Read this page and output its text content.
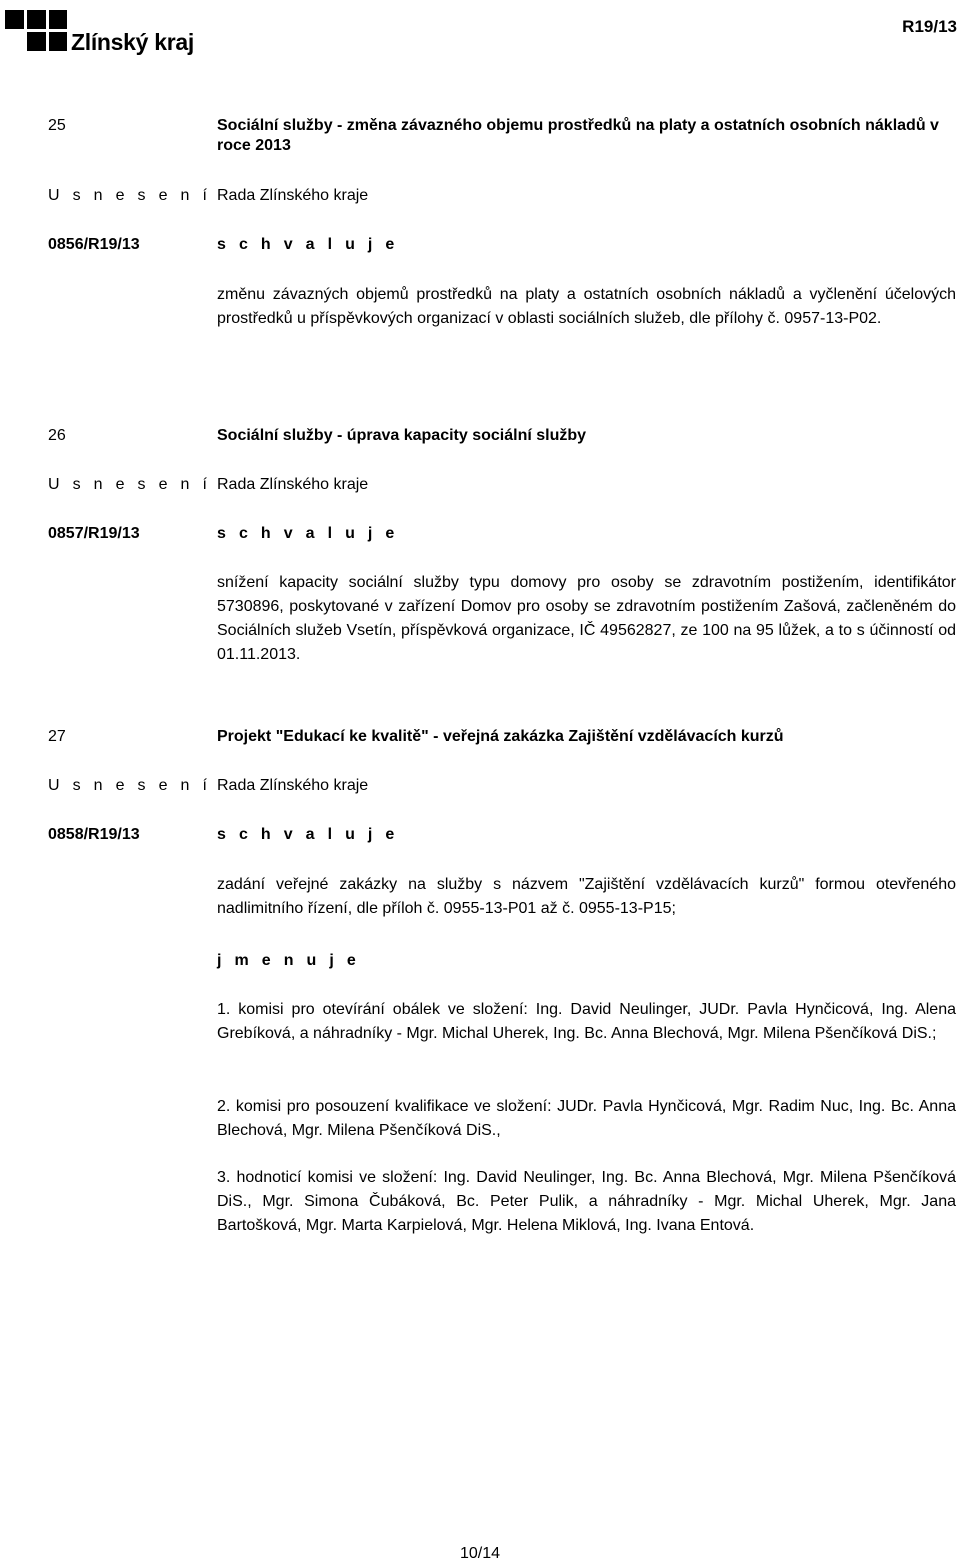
Zlínský kraj
R19/13
25	Sociální služby - změna závazného objemu prostředků na platy a ostatních osobních nákladů v roce 2013
U s n e s e n í Rada Zlínského kraje
0856/R19/13	s c h v a l u j e
změnu závazných objemů prostředků na platy a ostatních osobních nákladů a vyčlenění účelových prostředků u příspěvkových organizací v oblasti sociálních služeb, dle přílohy č. 0957-13-P02.
26	Sociální služby - úprava kapacity sociální služby
U s n e s e n í Rada Zlínského kraje
0857/R19/13	s c h v a l u j e
snížení kapacity sociální služby typu domovy pro osoby se zdravotním postižením, identifikátor 5730896, poskytované v zařízení Domov pro osoby se zdravotním postižením Zašová, začleněném do Sociálních služeb Vsetín, příspěvková organizace, IČ 49562827, ze 100 na 95 lůžek, a to s účinností od 01.11.2013.
27	Projekt "Edukací ke kvalitě" - veřejná zakázka Zajištění vzdělávacích kurzů
U s n e s e n í Rada Zlínského kraje
0858/R19/13	s c h v a l u j e
zadání veřejné zakázky na služby s názvem "Zajištění vzdělávacích kurzů" formou otevřeného nadlimitního řízení, dle příloh č. 0955-13-P01 až č. 0955-13-P15;
j m e n u j e
1. komisi pro otevírání obálek ve složení: Ing. David Neulinger, JUDr. Pavla Hynčicová, Ing. Alena Grebíková, a náhradníky - Mgr. Michal Uherek, Ing. Bc. Anna Blechová, Mgr. Milena Pšenčíková DiS.;
2. komisi pro posouzení kvalifikace ve složení: JUDr. Pavla Hynčicová, Mgr. Radim Nuc, Ing. Bc. Anna Blechová, Mgr. Milena Pšenčíková DiS.,
3. hodnoticí komisi ve složení: Ing. David Neulinger, Ing. Bc. Anna Blechová, Mgr. Milena Pšenčíková DiS., Mgr. Simona Čubáková, Bc. Peter Pulik, a náhradníky - Mgr. Michal Uherek, Mgr. Jana Bartošková, Mgr. Marta Karpielová, Mgr. Helena Miklová, Ing. Ivana Entová.
10/14
